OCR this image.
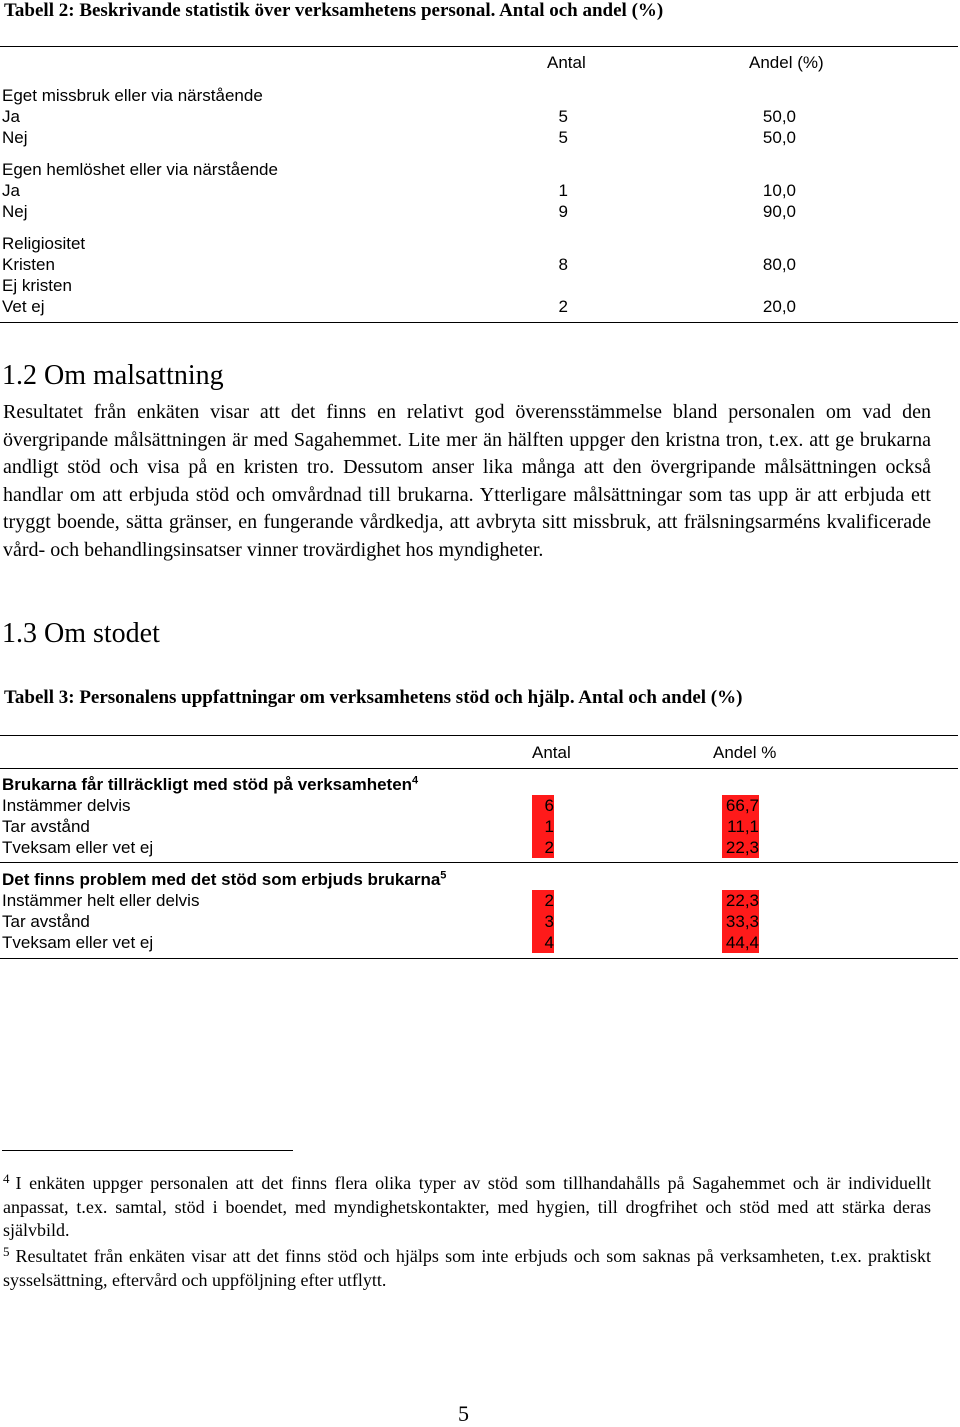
Tabell 2: Beskrivande statistik över verksamhetens personal. Antal och andel (%)
Antal	Andel (%)
Eget missbruk eller via närstående
Ja	5	50,0
Nej	5	50,0
Egen hemlöshet eller via närstående
Ja	1	10,0
Nej	9	90,0
Religiositet
Kristen	8	80,0
Ej kristen
Vet ej	2	20,0
1.2 Om malsattning

Resultatet från enkäten visar att det finns en relativt god överensstämmelse bland personalen om vad den övergripande målsättningen är med Sagahemmet. Lite mer än hälften uppger den kristna tron, t.ex. att ge brukarna andligt stöd och visa på en kristen tro. Dessutom anser lika många att den övergripande målsättningen också handlar om att erbjuda stöd och omvårdnad till brukarna. Ytterligare målsättningar som tas upp är att erbjuda ett tryggt boende, sätta gränser, en fungerande vårdkedja, att avbryta sitt missbruk, att frälsningsarméns kvalificerade vård- och behandlingsinsatser vinner trovärdighet hos myndigheter.

1.3 Om stodet
Tabell 3: Personalens uppfattningar om verksamhetens stöd och hjälp. Antal och andel (%)
Antal	Andel %
Brukarna får tillräckligt med stöd på verksamheten$^4$
Instämmer delvis	6	66,7
Tar avstånd	1	11,1
Tveksam eller vet ej	2	22,3
Det finns problem med det stöd som erbjuds brukarna$^5$
Instämmer helt eller delvis	2	22,3
Tar avstånd	3	33,3
Tveksam eller vet ej	4	44,4

$^4$ I enkäten uppger personalen att det finns flera olika typer av stöd som tillhandahålls på Sagahemmet och är individuellt anpassat, t.ex. samtal, stöd i boendet, med myndighetskontakter, med hygien, till drogfrihet och stöd med att stärka deras självbild.

$^5$ Resultatet från enkäten visar att det finns stöd och hjälps som inte erbjuds och som saknas på verksamheten, t.ex. praktiskt sysselsättning, eftervård och uppföljning efter utflytt.

5
